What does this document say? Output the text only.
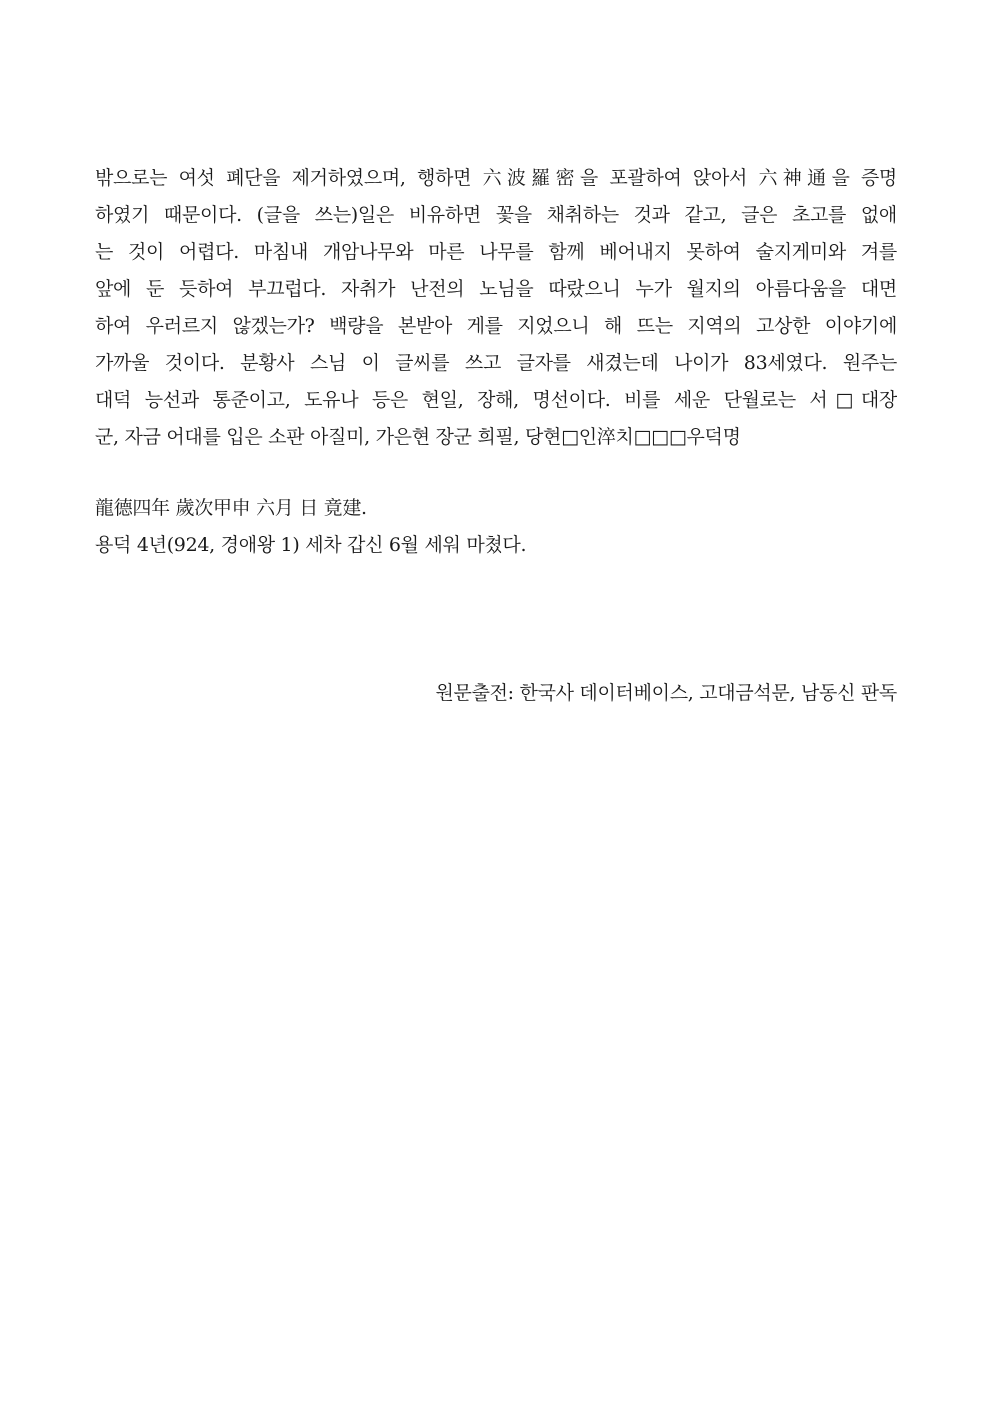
밖으로는 여섯 폐단을 제거하였으며, 행하면 六波羅密을 포괄하여 앉아서 六神通을 증명
하였기 때문이다. (글을 쓰는)일은 비유하면 꽃을 채취하는 것과 같고, 글은 초고를 없애
는 것이 어렵다. 마침내 개암나무와 마른 나무를 함께 베어내지 못하여 술지게미와 겨를
앞에 둔 듯하여 부끄럽다. 자취가 난전의 노님을 따랐으니 누가 월지의 아름다움을 대면
하여 우러르지 않겠는가? 백량을 본받아 게를 지었으니 해 뜨는 지역의 고상한 이야기에
가까울 것이다. 분황사 스님 이 글씨를 쓰고 글자를 새겼는데 나이가 83세였다. 원주는
대덕 능선과 통준이고, 도유나 등은 현일, 장해, 명선이다. 비를 세운 단월로는 서□대장
군, 자금 어대를 입은 소판 아질미, 가은현 장군 희필, 당현□인淬치□□□우덕명
龍德四年 歲次甲申 六月 日 竟建.
용덕 4년(924, 경애왕 1) 세차 갑신 6월 세워 마쳤다.
원문출전: 한국사 데이터베이스, 고대금석문, 남동신 판독
